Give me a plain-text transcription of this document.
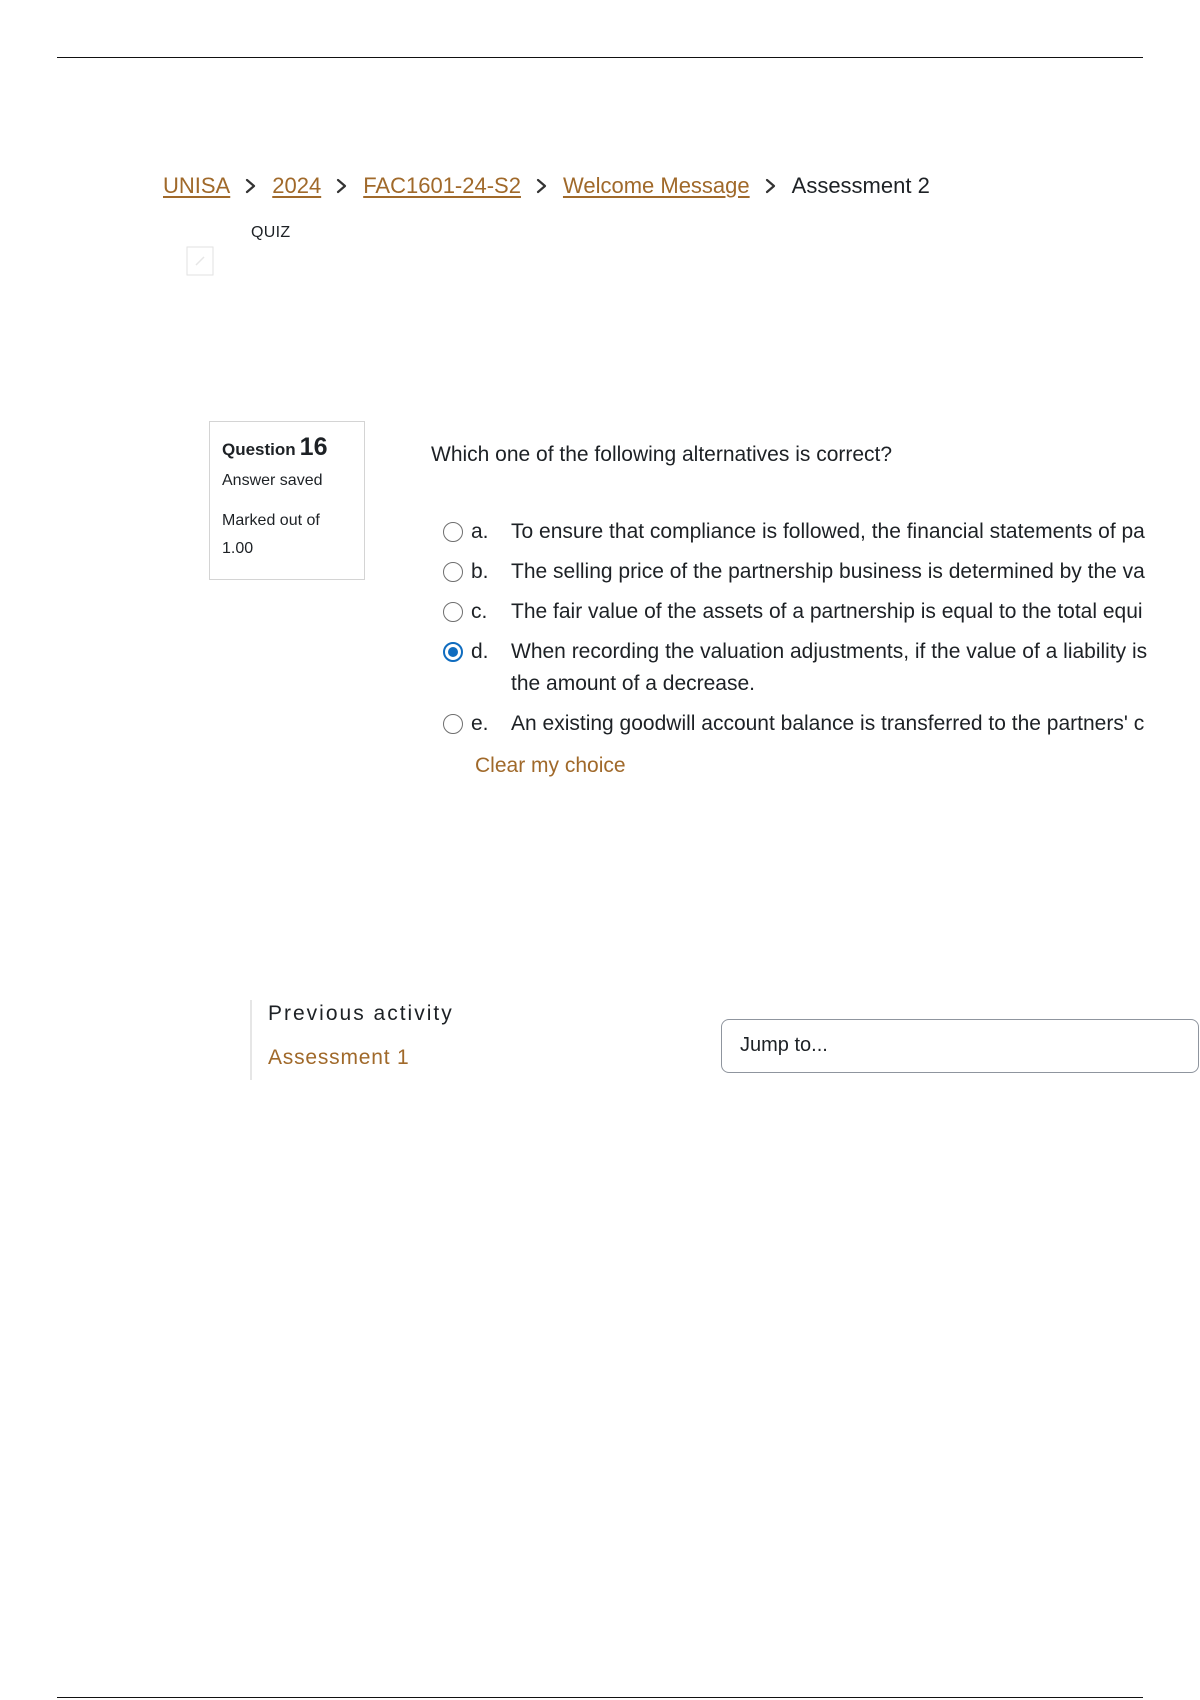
UNISA 2024 FAC1601-24-S2 Welcome Message Assessment 2
QUIZ
Question 16
Answer saved
Marked out of
1.00
Which one of the following alternatives is correct?
a.	To ensure that compliance is followed, the financial statements of pa
b.	The selling price of the partnership business is determined by the va
c.	The fair value of the assets of a partnership is equal to the total equi
d.	When recording the valuation adjustments, if the value of a liability is
the amount of a decrease.
e.	An existing goodwill account balance is transferred to the partners' c
Clear my choice
Previous activity
Assessment 1
Jump to...
